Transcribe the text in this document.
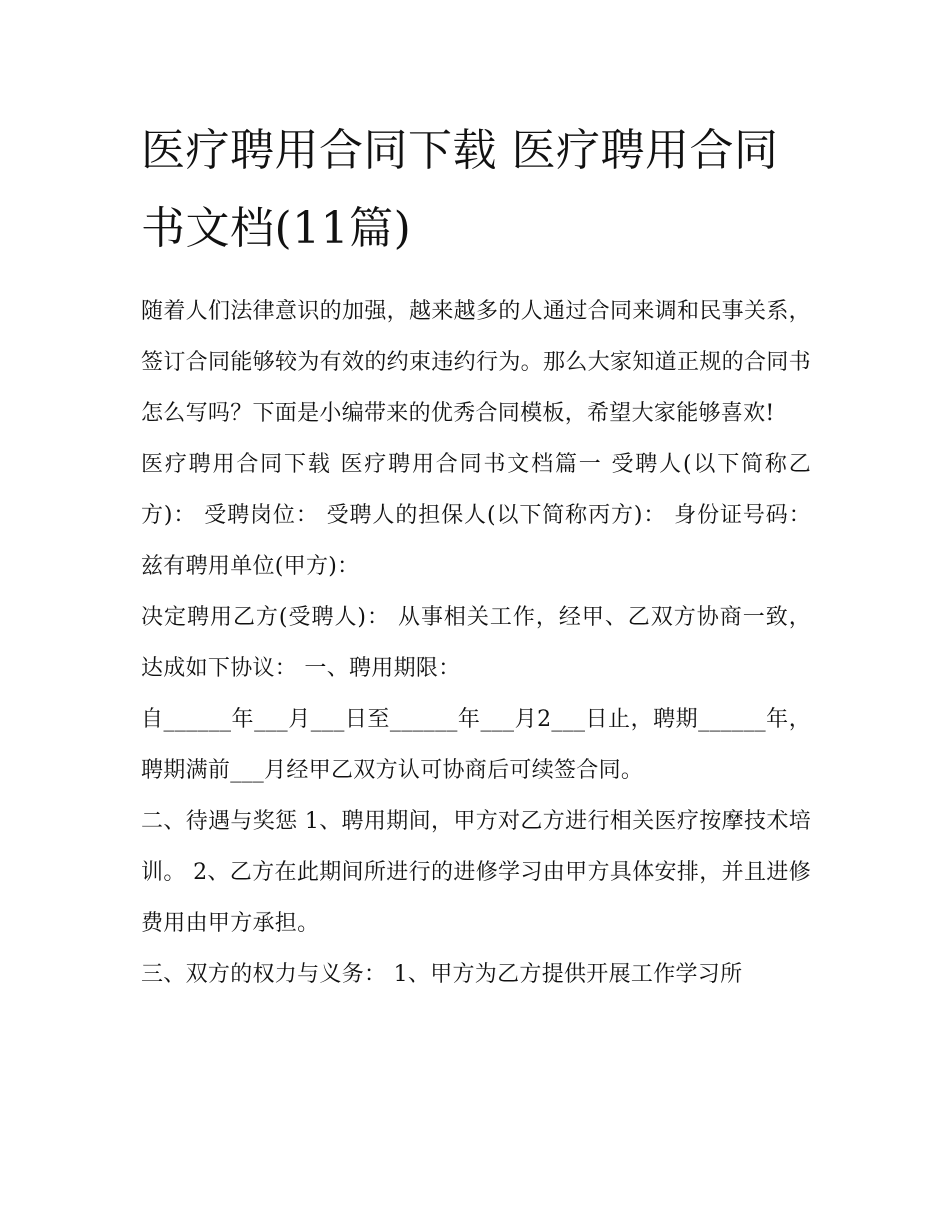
医疗聘用合同下载 医疗聘用合同书文档(11篇)

随着人们法律意识的加强，越来越多的人通过合同来调和民事关系，签订合同能够较为有效的约束违约行为。那么大家知道正规的合同书怎么写吗？下面是小编带来的优秀合同模板，希望大家能够喜欢!

医疗聘用合同下载 医疗聘用合同书文档篇一 受聘人(以下简称乙方)： 受聘岗位： 受聘人的担保人(以下简称丙方)： 身份证号码： 兹有聘用单位(甲方)：

决定聘用乙方(受聘人)： 从事相关工作，经甲、乙双方协商一致，达成如下协议： 一、聘用期限：

自______年___月___日至______年___月2___日止，聘期______年，聘期满前___月经甲乙双方认可协商后可续签合同。

二、待遇与奖惩 1、聘用期间，甲方对乙方进行相关医疗按摩技术培训。 2、乙方在此期间所进行的进修学习由甲方具体安排，并且进修费用由甲方承担。

三、双方的权力与义务： 1、甲方为乙方提供开展工作学习所
